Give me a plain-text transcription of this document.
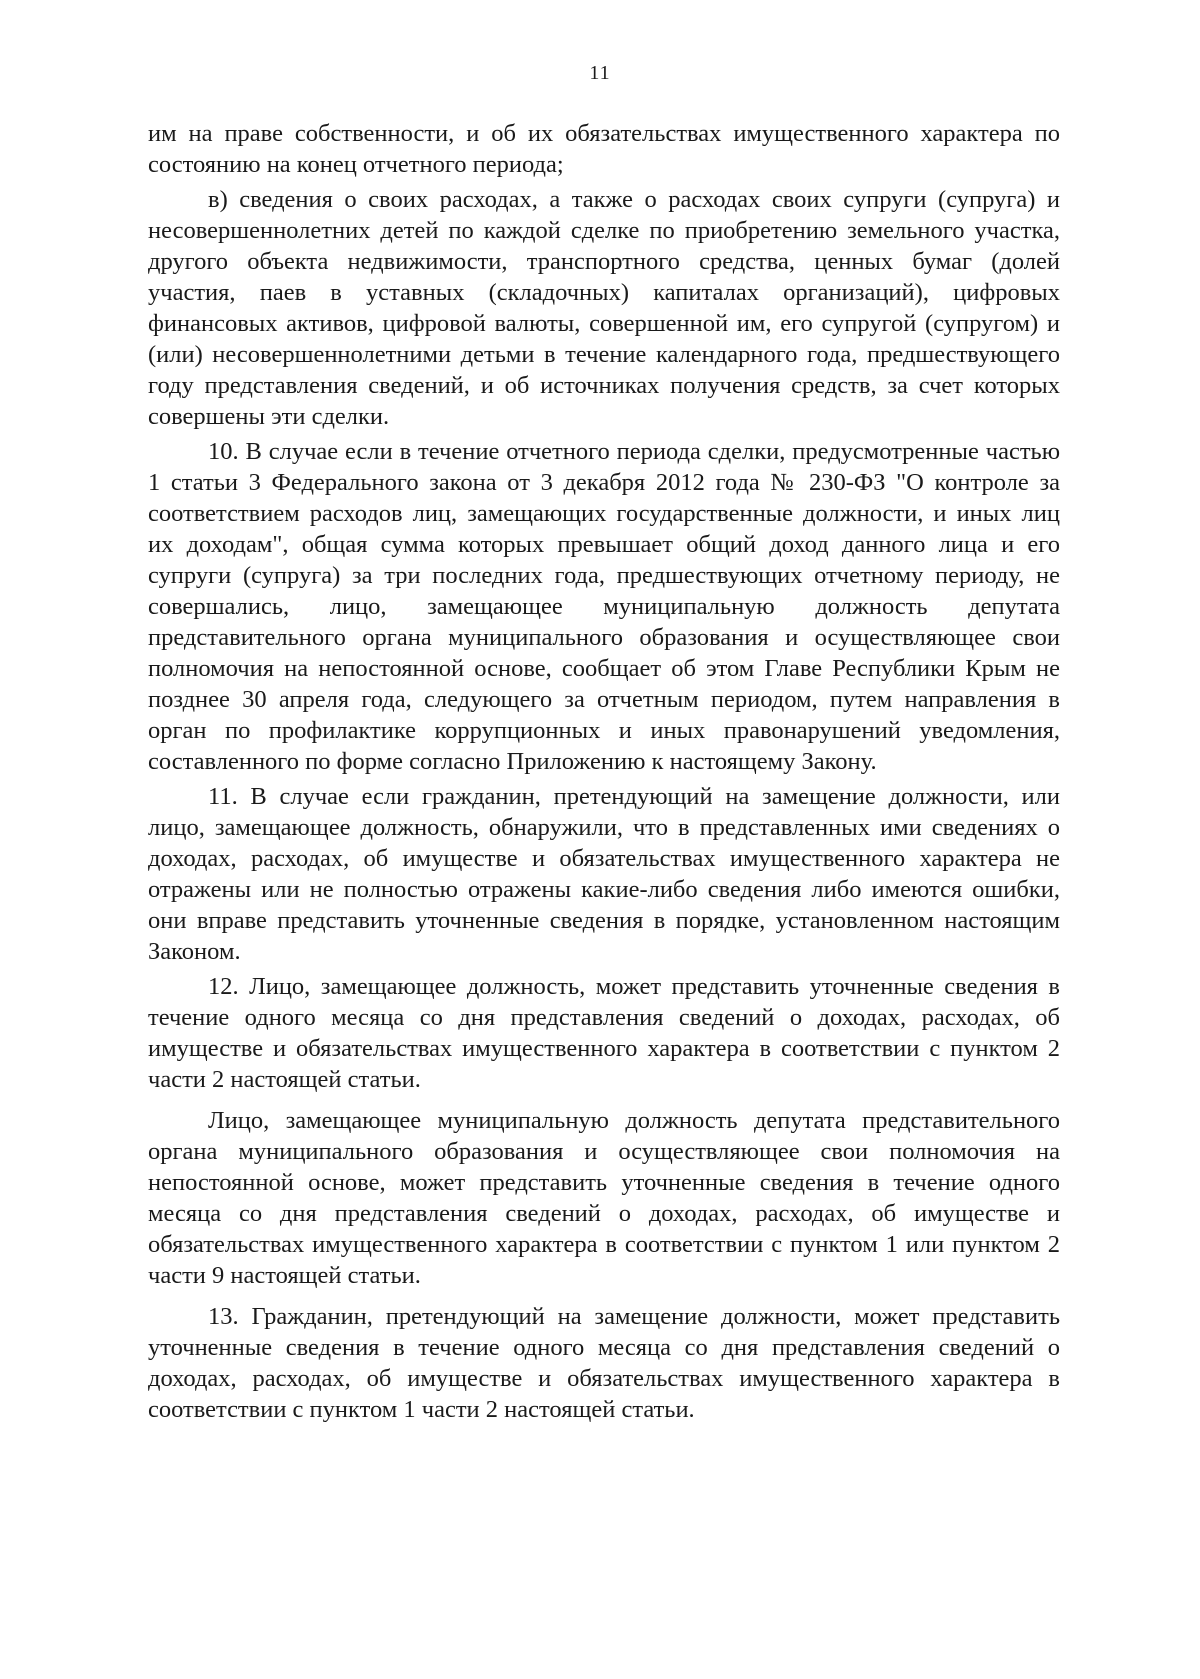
11

им на праве собственности, и об их обязательствах имущественного характера по состоянию на конец отчетного периода;

в) сведения о своих расходах, а также о расходах своих супруги (супруга) и несовершеннолетних детей по каждой сделке по приобретению земельного участка, другого объекта недвижимости, транспортного средства, ценных бумаг (долей участия, паев в уставных (складочных) капиталах организаций), цифровых финансовых активов, цифровой валюты, совершенной им, его супругой (супругом) и (или) несовершеннолетними детьми в течение календарного года, предшествующего году представления сведений, и об источниках получения средств, за счет которых совершены эти сделки.

10. В случае если в течение отчетного периода сделки, предусмотренные частью 1 статьи 3 Федерального закона от 3 декабря 2012 года № 230-ФЗ "О контроле за соответствием расходов лиц, замещающих государственные должности, и иных лиц их доходам", общая сумма которых превышает общий доход данного лица и его супруги (супруга) за три последних года, предшествующих отчетному периоду, не совершались, лицо, замещающее муниципальную должность депутата представительного органа муниципального образования и осуществляющее свои полномочия на непостоянной основе, сообщает об этом Главе Республики Крым не позднее 30 апреля года, следующего за отчетным периодом, путем направления в орган по профилактике коррупционных и иных правонарушений уведомления, составленного по форме согласно Приложению к настоящему Закону.

11. В случае если гражданин, претендующий на замещение должности, или лицо, замещающее должность, обнаружили, что в представленных ими сведениях о доходах, расходах, об имуществе и обязательствах имущественного характера не отражены или не полностью отражены какие-либо сведения либо имеются ошибки, они вправе представить уточненные сведения в порядке, установленном настоящим Законом.

12. Лицо, замещающее должность, может представить уточненные сведения в течение одного месяца со дня представления сведений о доходах, расходах, об имуществе и обязательствах имущественного характера в соответствии с пунктом 2 части 2 настоящей статьи.

Лицо, замещающее муниципальную должность депутата представительного органа муниципального образования и осуществляющее свои полномочия на непостоянной основе, может представить уточненные сведения в течение одного месяца со дня представления сведений о доходах, расходах, об имуществе и обязательствах имущественного характера в соответствии с пунктом 1 или пунктом 2 части 9 настоящей статьи.

13. Гражданин, претендующий на замещение должности, может представить уточненные сведения в течение одного месяца со дня представления сведений о доходах, расходах, об имуществе и обязательствах имущественного характера в соответствии с пунктом 1 части 2 настоящей статьи.
